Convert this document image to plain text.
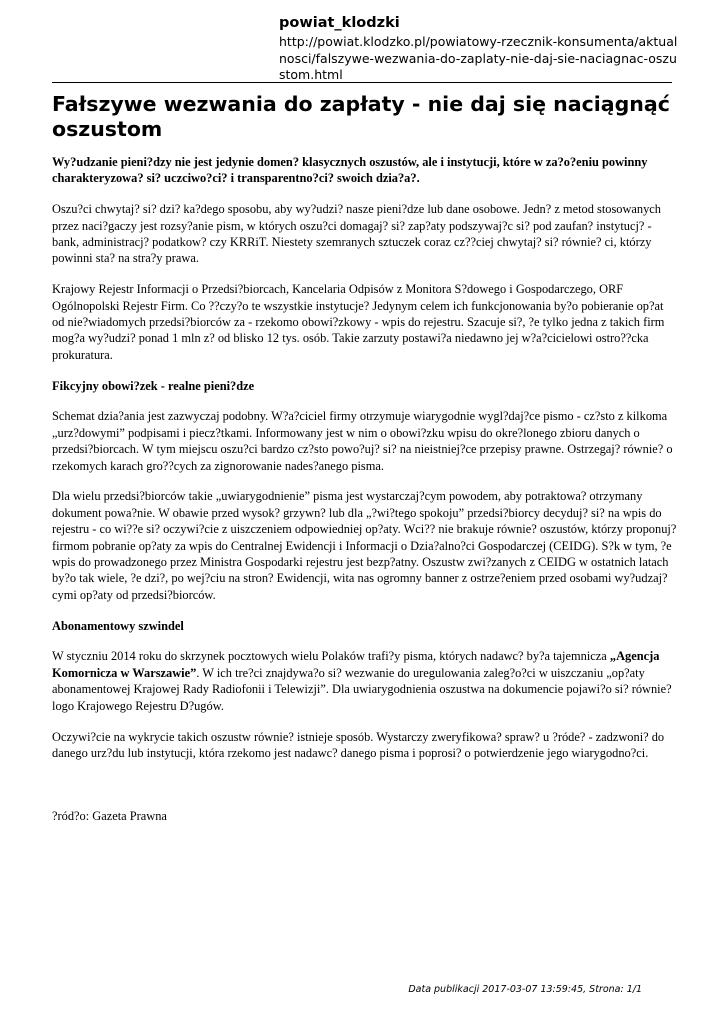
powiat_klodzki
http://powiat.klodzko.pl/powiatowy-rzecznik-konsumenta/aktualnosci/falszywe-wezwania-do-zaplaty-nie-daj-sie-naciagnac-oszustom.html
Fałszywe wezwania do zapłaty - nie daj się naciągnąć oszustom

Wy?udzanie pieni?dzy nie jest jedynie domen? klasycznych oszustów, ale i instytucji, które w za?o?eniu powinny charakteryzowa? si? uczciwo?ci? i transparentno?ci? swoich dzia?a?.

Oszu?ci chwytaj? si? dzi? ka?dego sposobu, aby wy?udzi? nasze pieni?dze lub dane osobowe. Jedn? z metod stosowanych przez naci?gaczy jest rozsy?anie pism, w których oszu?ci domagaj? si? zap?aty podszywaj?c si? pod zaufan? instytucj? - bank, administracj? podatkow? czy KRRiT. Niestety szemranych sztuczek coraz cz??ciej chwytaj? si? równie? ci, którzy powinni sta? na stra?y prawa.

Krajowy Rejestr Informacji o Przedsi?biorcach, Kancelaria Odpisów z Monitora S?dowego i Gospodarczego, ORF Ogólnopolski Rejestr Firm. Co ??czy?o te wszystkie instytucje? Jedynym celem ich funkcjonowania by?o pobieranie op?at od nie?wiadomych przedsi?biorców za - rzekomo obowi?zkowy - wpis do rejestru. Szacuje si?, ?e tylko jedna z takich firm mog?a wy?udzi? ponad 1 mln z? od blisko 12 tys. osób. Takie zarzuty postawi?a niedawno jej w?a?cicielowi ostro??cka prokuratura.

Fikcyjny obowi?zek - realne pieni?dze

Schemat dzia?ania jest zazwyczaj podobny. W?a?ciciel firmy otrzymuje wiarygodnie wygl?daj?ce pismo - cz?sto z kilkoma „urz?dowymi” podpisami i piecz?tkami. Informowany jest w nim o obowi?zku wpisu do okre?lonego zbioru danych o przedsi?biorcach. W tym miejscu oszu?ci bardzo cz?sto powo?uj? si? na nieistniej?ce przepisy prawne. Ostrzegaj? równie? o rzekomych karach gro??cych za zignorowanie nades?anego pisma.

Dla wielu przedsi?biorców takie „uwiarygodnienie” pisma jest wystarczaj?cym powodem, aby potraktowa? otrzymany dokument powa?nie. W obawie przed wysok? grzywn? lub dla „?wi?tego spokoju” przedsi?biorcy decyduj? si? na wpis do rejestru - co wi??e si? oczywi?cie z uiszczeniem odpowiedniej op?aty. Wci?? nie brakuje równie? oszustów, którzy proponuj? firmom pobranie op?aty za wpis do Centralnej Ewidencji i Informacji o Dzia?alno?ci Gospodarczej (CEIDG). S?k w tym, ?e wpis do prowadzonego przez Ministra Gospodarki rejestru jest bezp?atny. Oszustw zwi?zanych z CEIDG w ostatnich latach by?o tak wiele, ?e dzi?, po wej?ciu na stron? Ewidencji, wita nas ogromny banner z ostrze?eniem przed osobami wy?udzaj?cymi op?aty od przedsi?biorców.

Abonamentowy szwindel

W styczniu 2014 roku do skrzynek pocztowych wielu Polaków trafi?y pisma, których nadawc? by?a tajemnicza „Agencja Komornicza w Warszawie”. W ich tre?ci znajdywa?o si? wezwanie do uregulowania zaleg?o?ci w uiszczaniu „op?aty abonamentowej Krajowej Rady Radiofonii i Telewizji”. Dla uwiarygodnienia oszustwa na dokumencie pojawi?o si? równie? logo Krajowego Rejestru D?ugów.

Oczywi?cie na wykrycie takich oszustw równie? istnieje sposób. Wystarczy zweryfikowa? spraw? u ?róde? - zadzwoni? do danego urz?du lub instytucji, która rzekomo jest nadawc? danego pisma i poprosi? o potwierdzenie jego wiarygodno?ci.

?ród?o: Gazeta Prawna

Data publikacji 2017-03-07 13:59:45, Strona: 1/1
